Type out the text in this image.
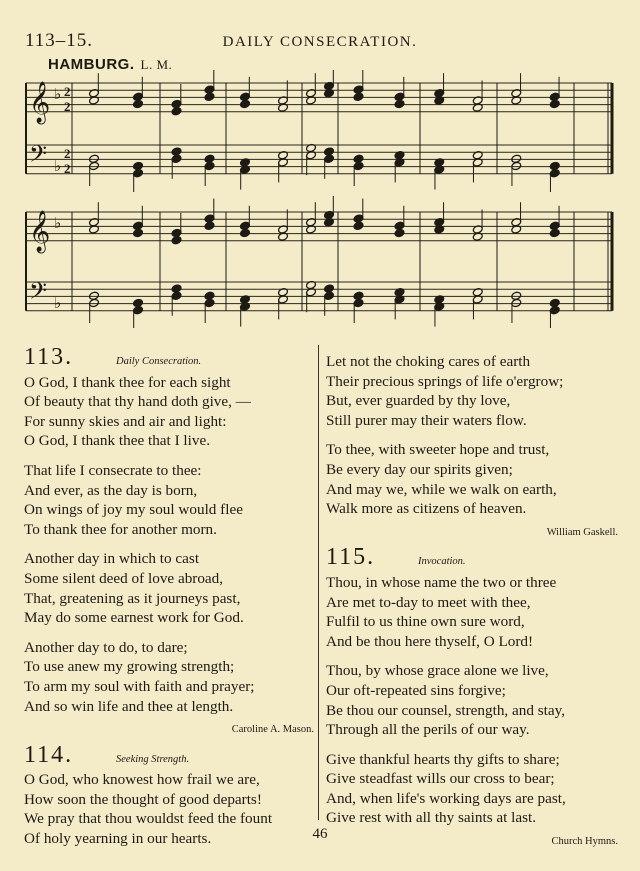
113–15.	DAILY CONSECRATION.
HAMBURG. L. M.
𝄞 ♭ 2
2
𝄢 ♭
2
2
𝄞 ♭
𝄢 ♭
113.	Daily Consecration.
O God, I thank thee for each sight
Of beauty that thy hand doth give, —
For sunny skies and air and light:
O God, I thank thee that I live.
That life I consecrate to thee:
And ever, as the day is born,
On wings of joy my soul would flee
To thank thee for another morn.
Another day in which to cast
Some silent deed of love abroad,
That, greatening as it journeys past,
May do some earnest work for God.
Another day to do, to dare;
To use anew my growing strength;
To arm my soul with faith and prayer;
And so win life and thee at length.
Caroline A. Mason.
114.	Seeking Strength.
O God, who knowest how frail we are,
How soon the thought of good departs!
We pray that thou wouldst feed the fount
Of holy yearning in our hearts.
Let not the choking cares of earth
Their precious springs of life o'ergrow;
But, ever guarded by thy love,
Still purer may their waters flow.
To thee, with sweeter hope and trust,
Be every day our spirits given;
And may we, while we walk on earth,
Walk more as citizens of heaven.
William Gaskell.
115.	Invocation.
Thou, in whose name the two or three
Are met to-day to meet with thee,
Fulfil to us thine own sure word,
And be thou here thyself, O Lord!
Thou, by whose grace alone we live,
Our oft-repeated sins forgive;
Be thou our counsel, strength, and stay,
Through all the perils of our way.
Give thankful hearts thy gifts to share;
Give steadfast wills our cross to bear;
And, when life's working days are past,
Give rest with all thy saints at last.
Church Hymns.
46
